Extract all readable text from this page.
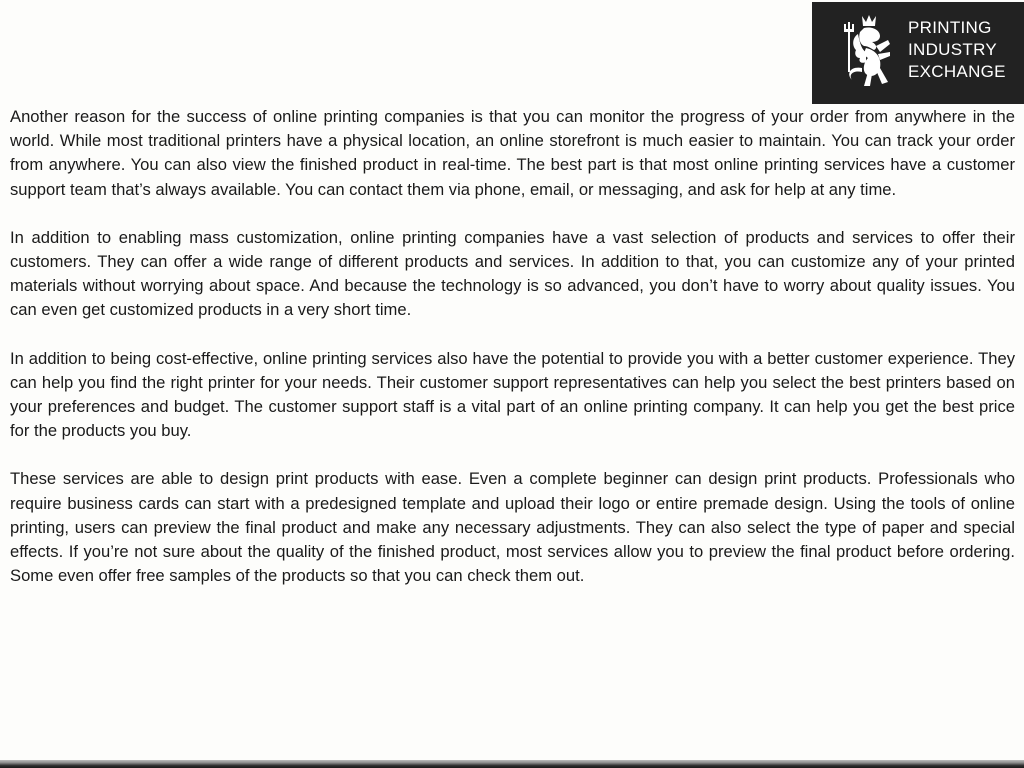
PRINTING
INDUSTRY
EXCHANGE

Another reason for the success of online printing companies is that you can monitor the progress of your order from anywhere in the world. While most traditional printers have a physical location, an online storefront is much easier to maintain. You can track your order from anywhere. You can also view the finished product in real-time. The best part is that most online printing services have a customer support team that’s always available. You can contact them via phone, email, or messaging, and ask for help at any time.

In addition to enabling mass customization, online printing companies have a vast selection of products and services to offer their customers. They can offer a wide range of different products and services. In addition to that, you can customize any of your printed materials without worrying about space. And because the technology is so advanced, you don’t have to worry about quality issues. You can even get customized products in a very short time.

In addition to being cost-effective, online printing services also have the potential to provide you with a better customer experience. They can help you find the right printer for your needs. Their customer support representatives can help you select the best printers based on your preferences and budget. The customer support staff is a vital part of an online printing company. It can help you get the best price for the products you buy.

These services are able to design print products with ease. Even a complete beginner can design print products. Professionals who require business cards can start with a predesigned template and upload their logo or entire premade design. Using the tools of online printing, users can preview the final product and make any necessary adjustments. They can also select the type of paper and special effects. If you’re not sure about the quality of the finished product, most services allow you to preview the final product before ordering. Some even offer free samples of the products so that you can check them out.
